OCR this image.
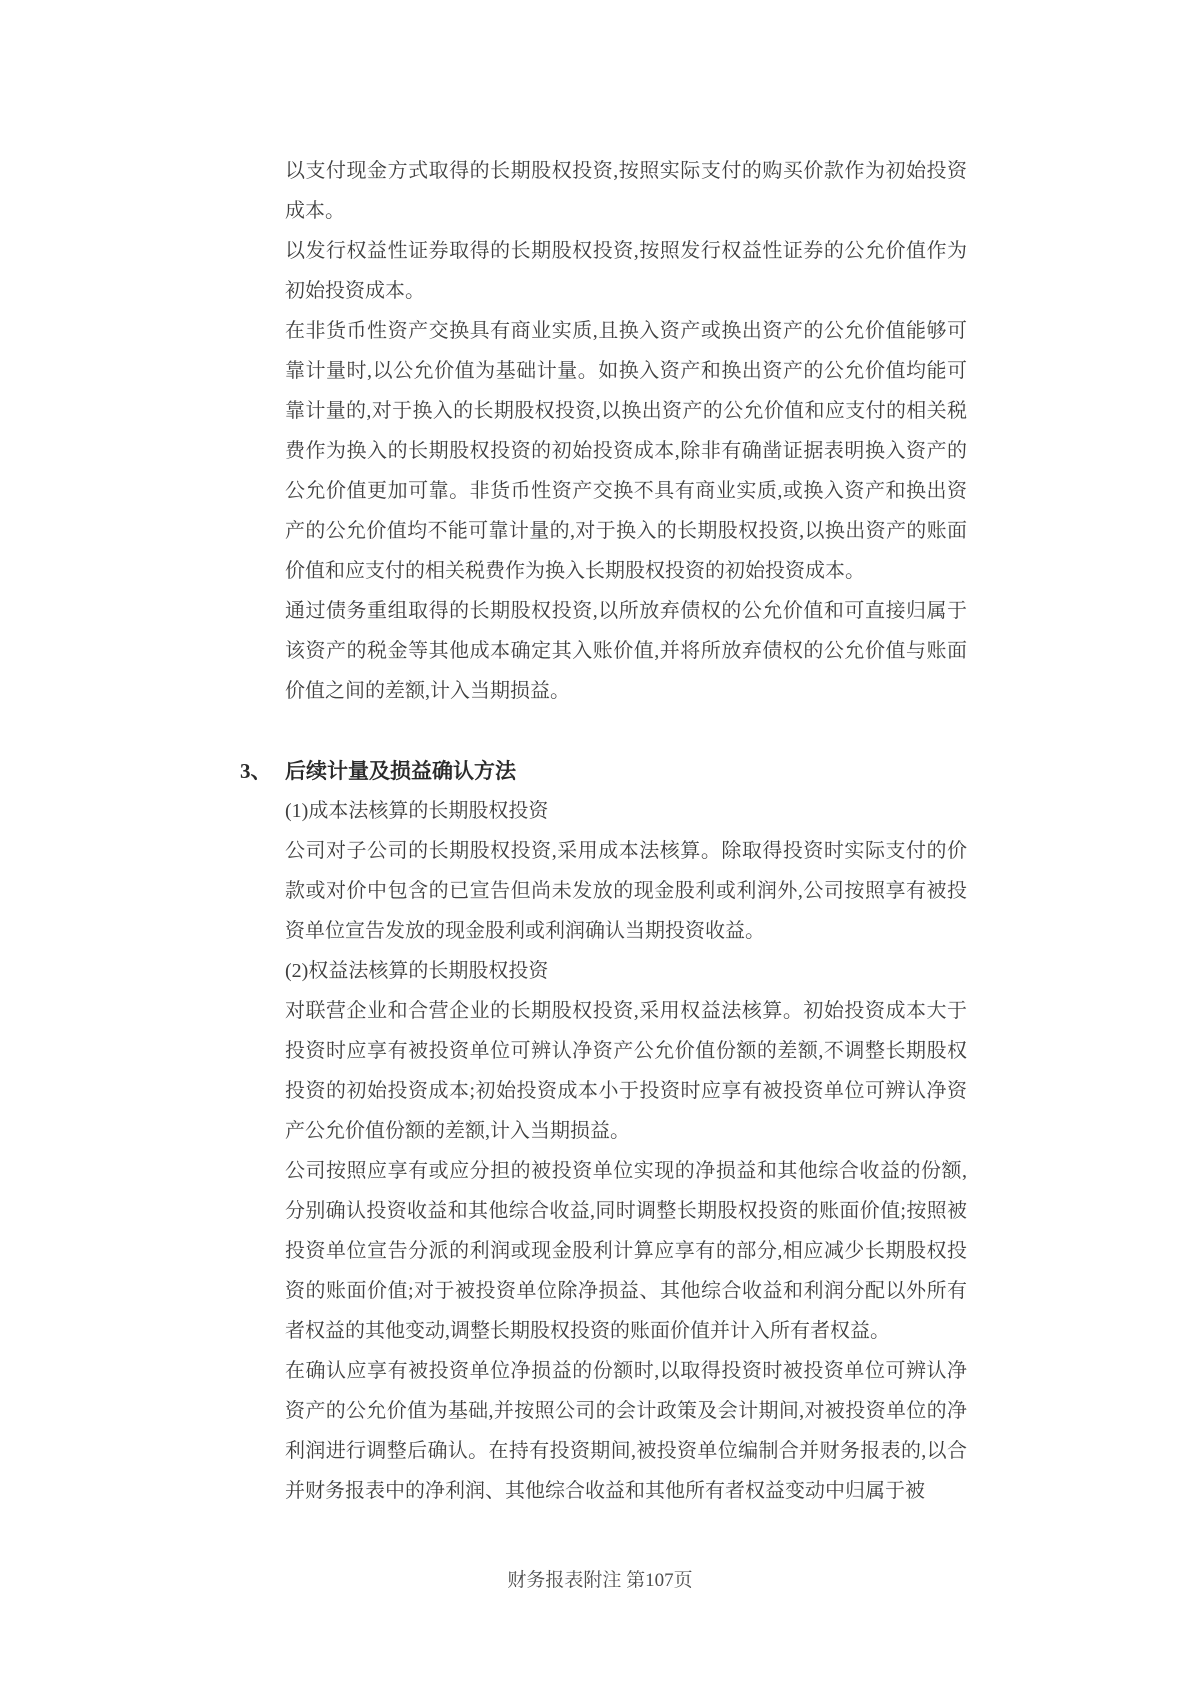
以支付现金方式取得的长期股权投资,按照实际支付的购买价款作为初始投资成本。

以发行权益性证券取得的长期股权投资,按照发行权益性证券的公允价值作为初始投资成本。

在非货币性资产交换具有商业实质,且换入资产或换出资产的公允价值能够可靠计量时,以公允价值为基础计量。如换入资产和换出资产的公允价值均能可靠计量的,对于换入的长期股权投资,以换出资产的公允价值和应支付的相关税费作为换入的长期股权投资的初始投资成本,除非有确凿证据表明换入资产的公允价值更加可靠。非货币性资产交换不具有商业实质,或换入资产和换出资产的公允价值均不能可靠计量的,对于换入的长期股权投资,以换出资产的账面价值和应支付的相关税费作为换入长期股权投资的初始投资成本。

通过债务重组取得的长期股权投资,以所放弃债权的公允价值和可直接归属于该资产的税金等其他成本确定其入账价值,并将所放弃债权的公允价值与账面价值之间的差额,计入当期损益。

3、 后续计量及损益确认方法

(1)成本法核算的长期股权投资

公司对子公司的长期股权投资,采用成本法核算。除取得投资时实际支付的价款或对价中包含的已宣告但尚未发放的现金股利或利润外,公司按照享有被投资单位宣告发放的现金股利或利润确认当期投资收益。

(2)权益法核算的长期股权投资

对联营企业和合营企业的长期股权投资,采用权益法核算。初始投资成本大于投资时应享有被投资单位可辨认净资产公允价值份额的差额,不调整长期股权投资的初始投资成本;初始投资成本小于投资时应享有被投资单位可辨认净资产公允价值份额的差额,计入当期损益。

公司按照应享有或应分担的被投资单位实现的净损益和其他综合收益的份额,分别确认投资收益和其他综合收益,同时调整长期股权投资的账面价值;按照被投资单位宣告分派的利润或现金股利计算应享有的部分,相应减少长期股权投资的账面价值;对于被投资单位除净损益、其他综合收益和利润分配以外所有者权益的其他变动,调整长期股权投资的账面价值并计入所有者权益。

在确认应享有被投资单位净损益的份额时,以取得投资时被投资单位可辨认净资产的公允价值为基础,并按照公司的会计政策及会计期间,对被投资单位的净利润进行调整后确认。在持有投资期间,被投资单位编制合并财务报表的,以合并财务报表中的净利润、其他综合收益和其他所有者权益变动中归属于被

财务报表附注 第107页
